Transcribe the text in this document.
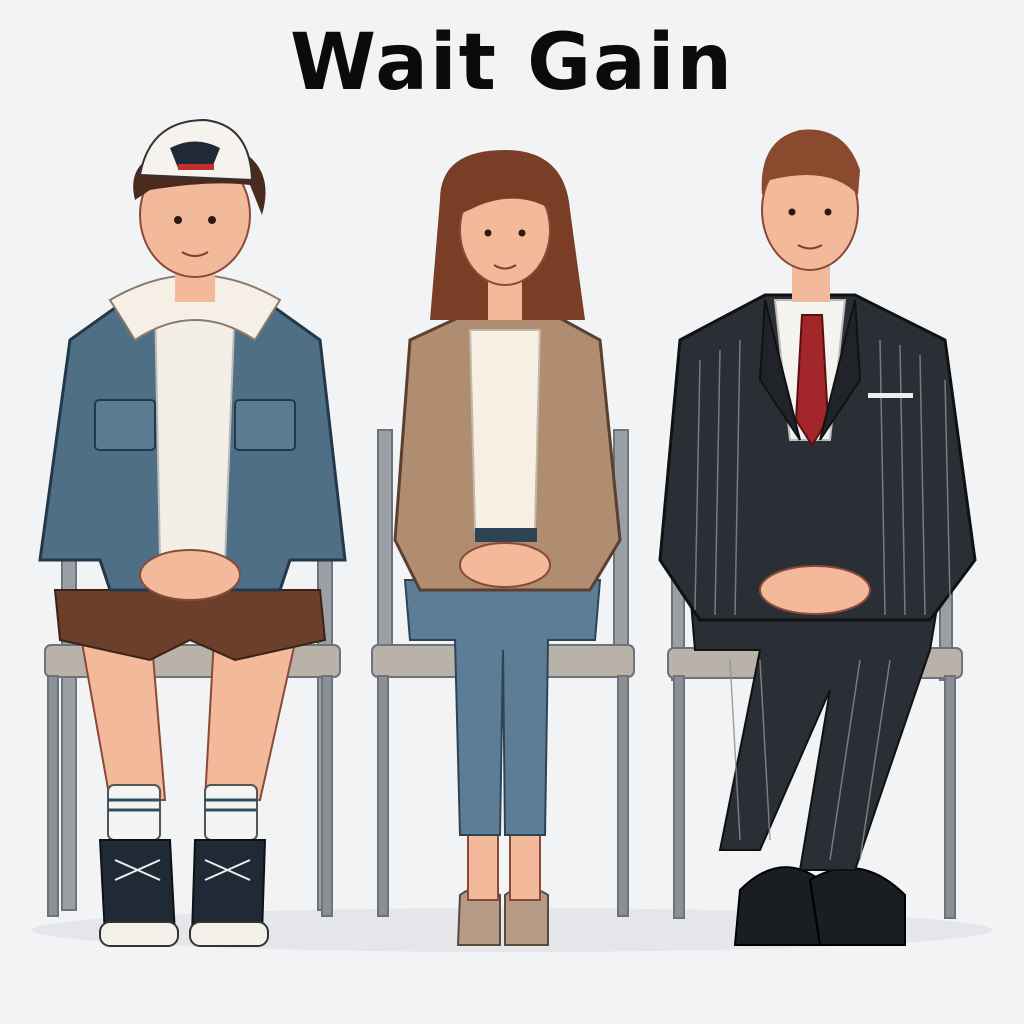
Wait Gain
